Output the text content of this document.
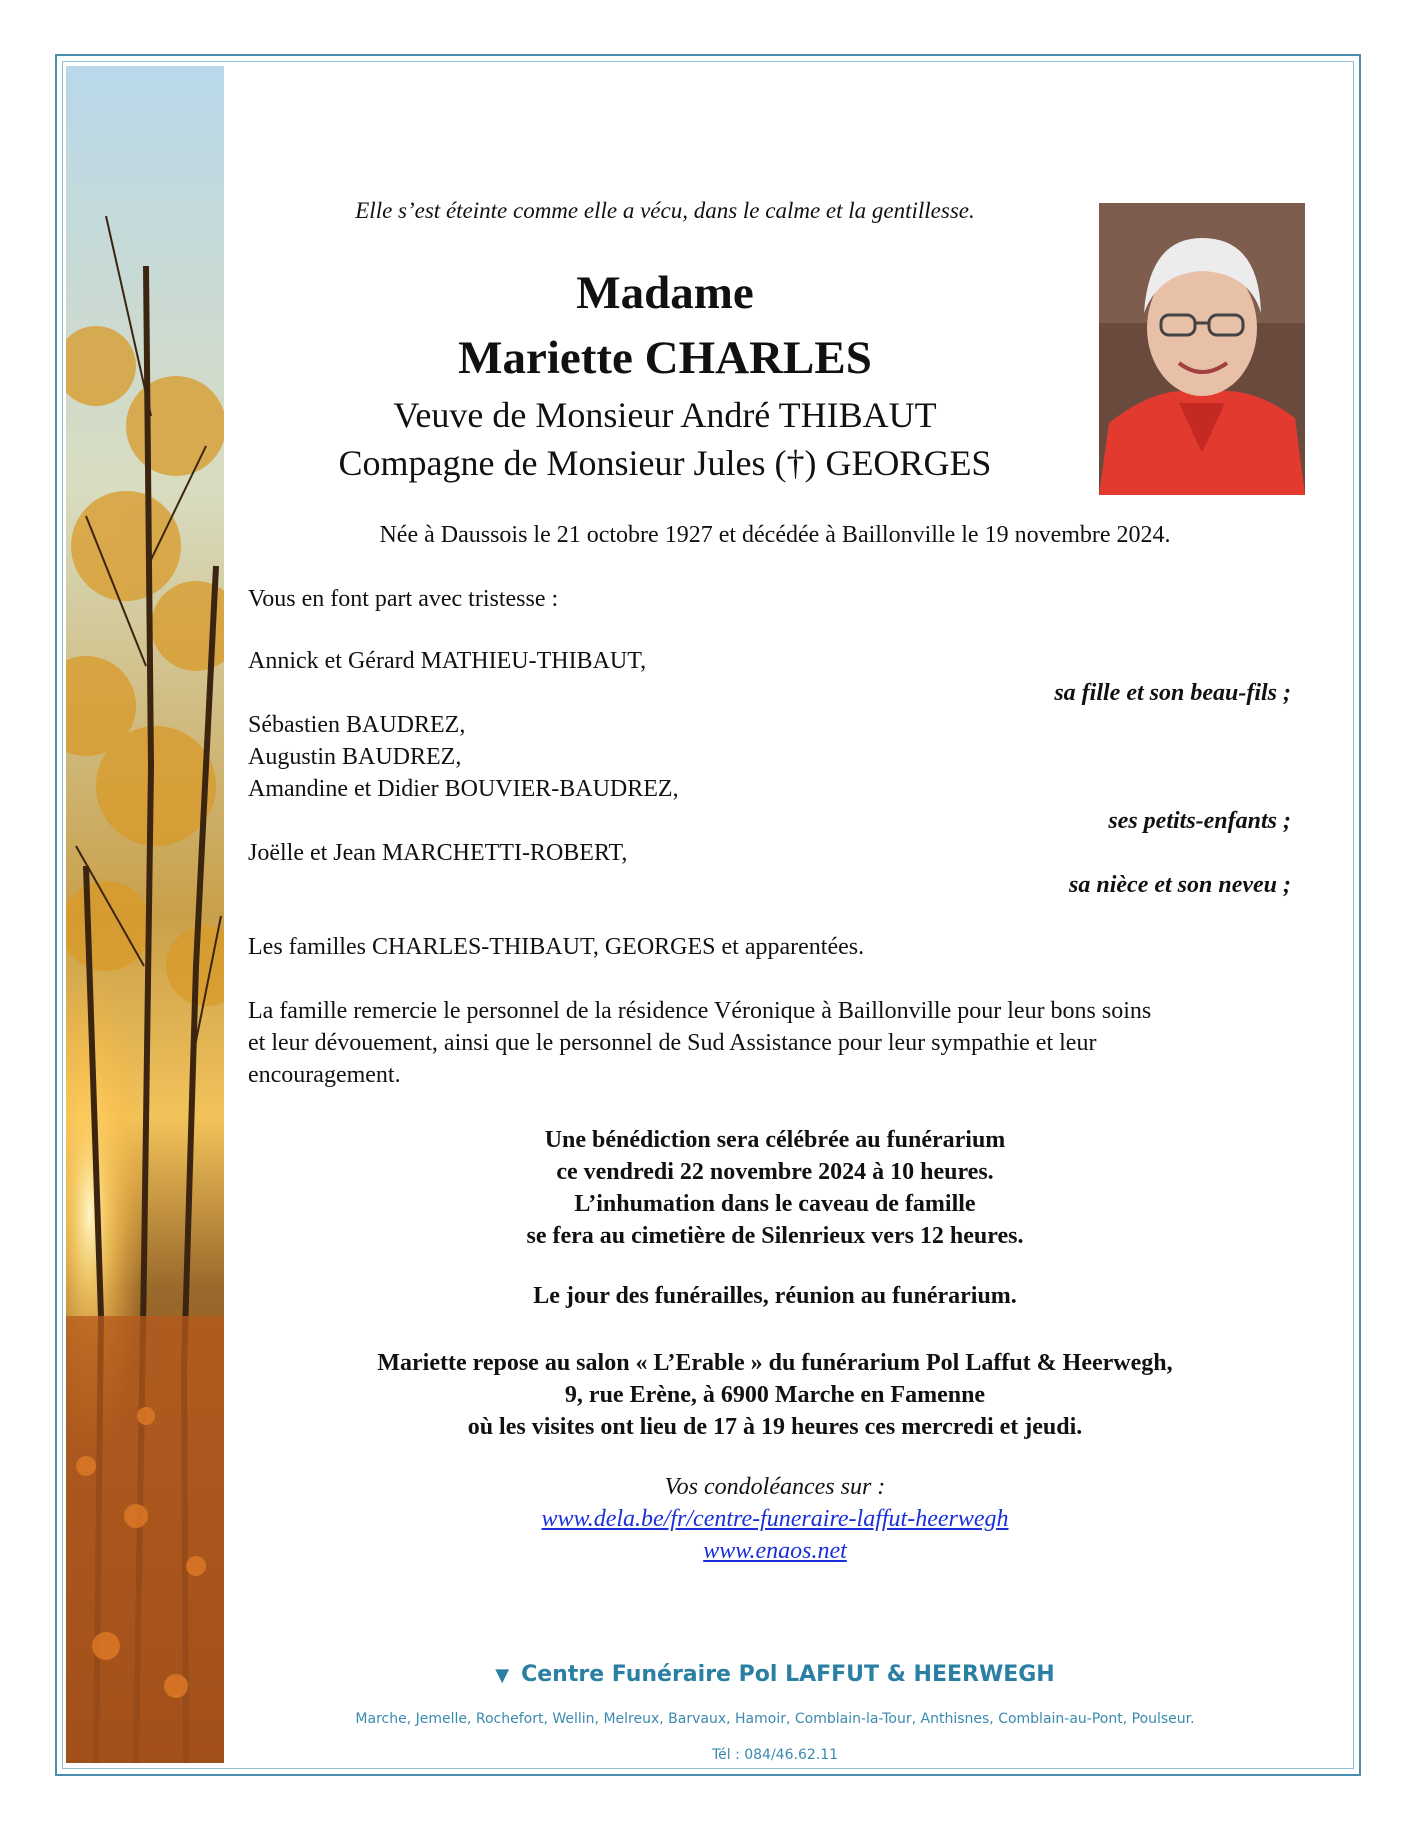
Elle s’est éteinte comme elle a vécu, dans le calme et la gentillesse.
Madame
Mariette CHARLES
Veuve de Monsieur André THIBAUT
Compagne de Monsieur Jules (†) GEORGES
Née à Daussois le 21 octobre 1927 et décédée à Baillonville le 19 novembre 2024.
Vous en font part avec tristesse :
Annick et Gérard MATHIEU-THIBAUT,
sa fille et son beau-fils ;
Sébastien BAUDREZ,
Augustin BAUDREZ,
Amandine et Didier BOUVIER-BAUDREZ,
ses petits-enfants ;
Joëlle et Jean MARCHETTI-ROBERT,
sa nièce et son neveu ;
Les familles CHARLES-THIBAUT, GEORGES et apparentées.

La famille remercie le personnel de la résidence Véronique à Baillonville pour leur bons soins

et leur dévouement, ainsi que le personnel de Sud Assistance pour leur sympathie et leur

encouragement.

Une bénédiction sera célébrée au funérarium

ce vendredi 22 novembre 2024 à 10 heures.

L’inhumation dans le caveau de famille

se fera au cimetière de Silenrieux vers 12 heures.

Le jour des funérailles, réunion au funérarium.

Mariette repose au salon « L’Erable » du funérarium Pol Laffut & Heerwegh,

9, rue Erène, à 6900 Marche en Famenne

où les visites ont lieu de 17 à 19 heures ces mercredi et jeudi.

Vos condoléances sur :
www.dela.be/fr/centre-funeraire-laffut-heerwegh
www.enaos.net
▼ Centre Funéraire Pol LAFFUT & HEERWEGH
Marche, Jemelle, Rochefort, Wellin, Melreux, Barvaux, Hamoir, Comblain-la-Tour, Anthisnes, Comblain-au-Pont, Poulseur.
Tél : 084/46.62.11
